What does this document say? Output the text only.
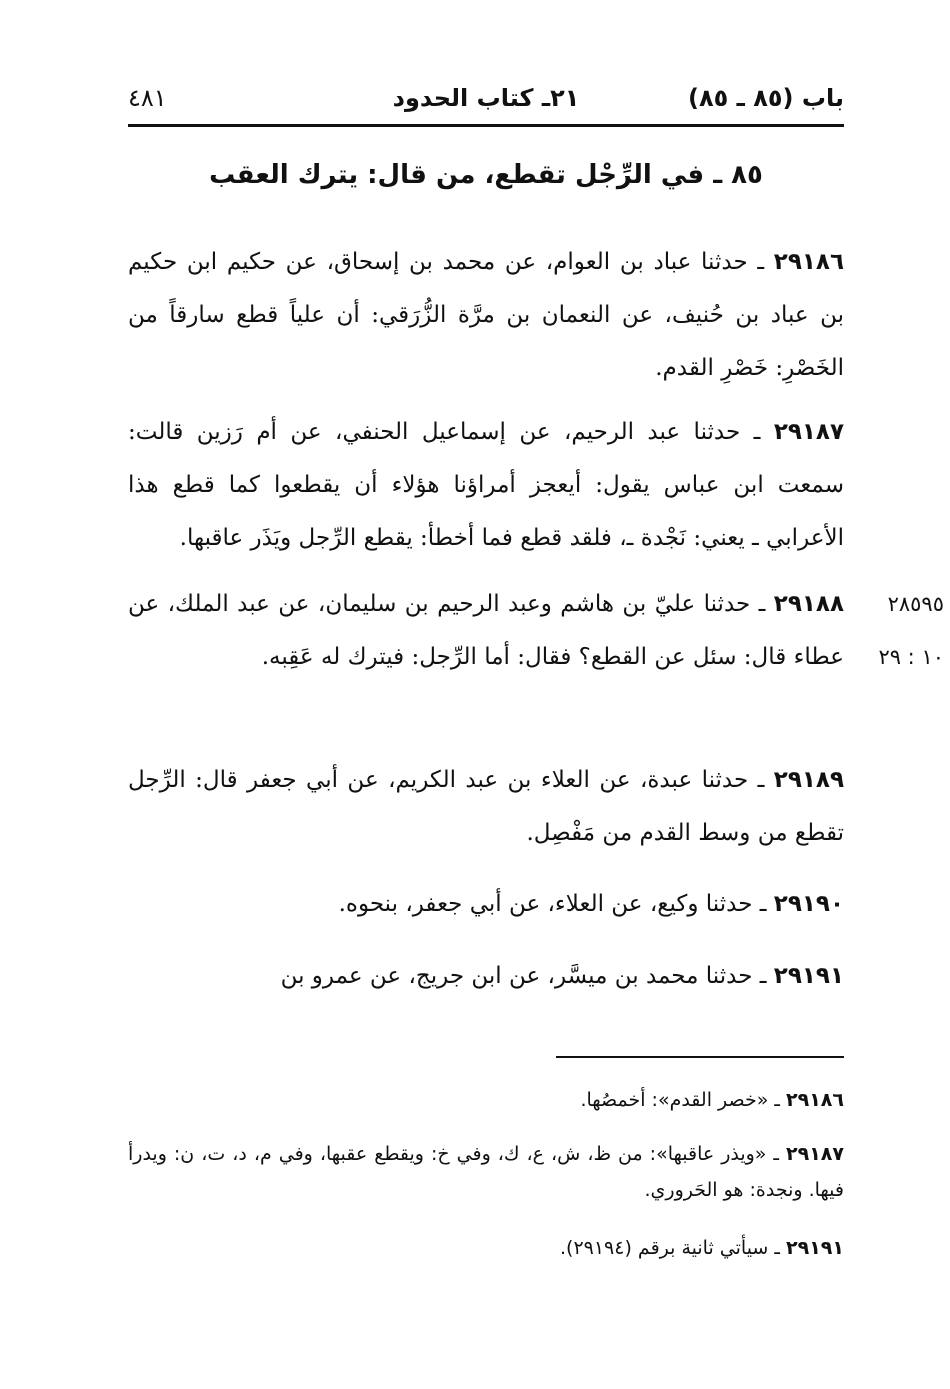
باب (٨٥ ـ ٨٥)
٢١ـ كتاب الحدود
٤٨١
٨٥ ـ في الرِّجْل تقطع، من قال: يترك العقب
٢٩١٨٦ ـ حدثنا عباد بن العوام، عن محمد بن إسحاق، عن حكيم ابن حكيم بن عباد بن حُنيف، عن النعمان بن مرَّة الزُّرَقي: أن علياً قطع سارقاً من الخَصْرِ: خَصْرِ القدم.
٢٩١٨٧ ـ حدثنا عبد الرحيم، عن إسماعيل الحنفي، عن أم رَزين قالت: سمعت ابن عباس يقول: أيعجز أمراؤنا هؤلاء أن يقطعوا كما قطع هذا الأعرابي ـ يعني: نَجْدة ـ، فلقد قطع فما أخطأ: يقطع الرِّجل ويَذَر عاقبها.
٢٩١٨٨ ـ حدثنا عليّ بن هاشم وعبد الرحيم بن سليمان، عن عبد الملك، عن عطاء قال: سئل عن القطع؟ فقال: أما الرِّجل: فيترك له عَقِبه.
٢٨٥٩٥
١٠ : ٢٩
٢٩١٨٩ ـ حدثنا عبدة، عن العلاء بن عبد الكريم، عن أبي جعفر قال: الرِّجل تقطع من وسط القدم من مَفْصِل.
٢٩١٩٠ ـ حدثنا وكيع، عن العلاء، عن أبي جعفر، بنحوه.
٢٩١٩١ ـ حدثنا محمد بن ميسَّر، عن ابن جريج، عن عمرو بن
٢٩١٨٦ ـ «خصر القدم»: أخمصُها.
٢٩١٨٧ ـ «ويذر عاقبها»: من ظ، ش، ع، ك، وفي خ: ويقطع عقبها، وفي م، د، ت، ن: ويدرأ فيها. ونجدة: هو الحَروري.
٢٩١٩١ ـ سيأتي ثانية برقم (٢٩١٩٤).
